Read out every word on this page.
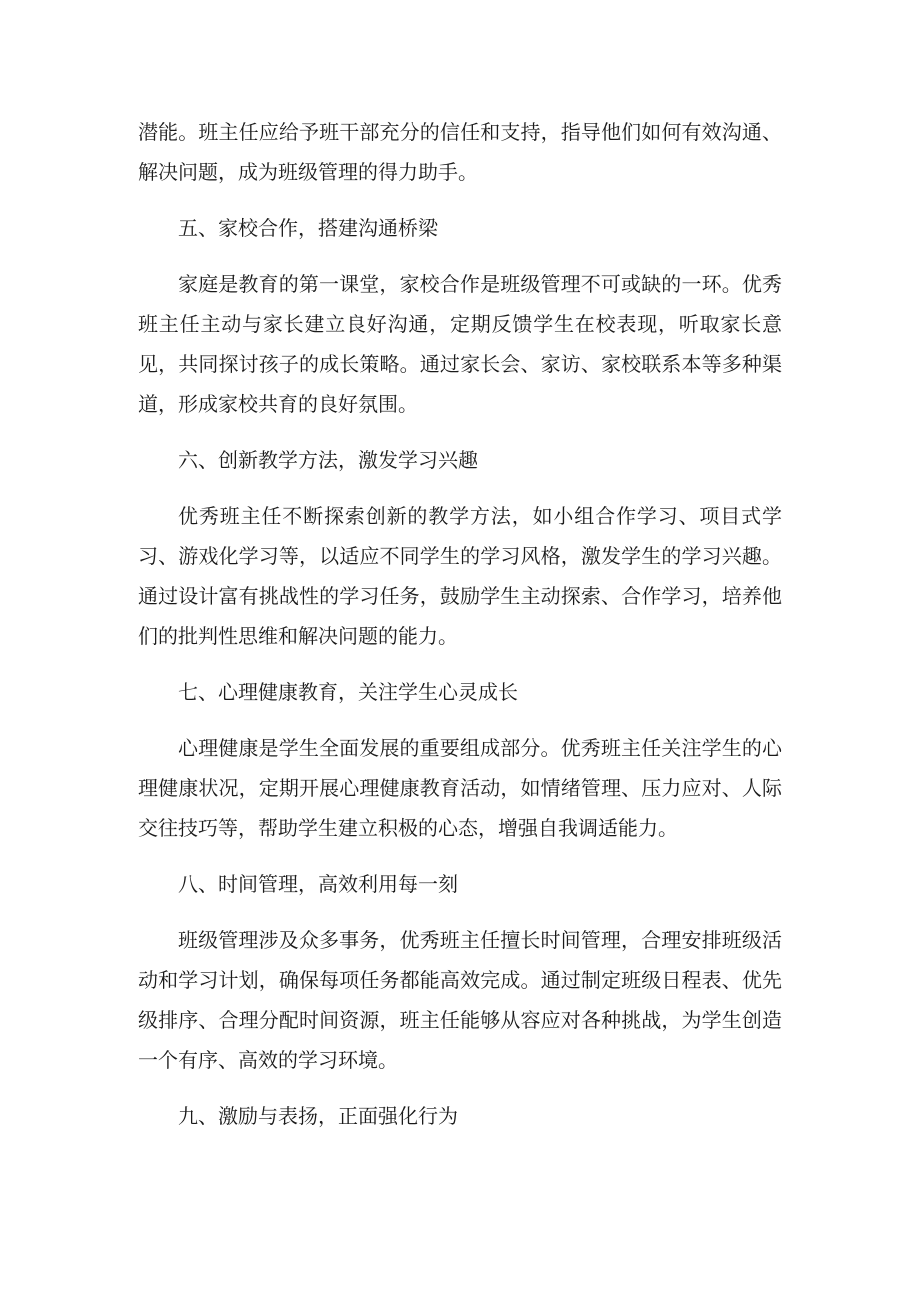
潜能。班主任应给予班干部充分的信任和支持，指导他们如何有效沟通、解决问题，成为班级管理的得力助手。

五、家校合作，搭建沟通桥梁

家庭是教育的第一课堂，家校合作是班级管理不可或缺的一环。优秀班主任主动与家长建立良好沟通，定期反馈学生在校表现，听取家长意见，共同探讨孩子的成长策略。通过家长会、家访、家校联系本等多种渠道，形成家校共育的良好氛围。

六、创新教学方法，激发学习兴趣

优秀班主任不断探索创新的教学方法，如小组合作学习、项目式学习、游戏化学习等，以适应不同学生的学习风格，激发学生的学习兴趣。通过设计富有挑战性的学习任务，鼓励学生主动探索、合作学习，培养他们的批判性思维和解决问题的能力。

七、心理健康教育，关注学生心灵成长

心理健康是学生全面发展的重要组成部分。优秀班主任关注学生的心理健康状况，定期开展心理健康教育活动，如情绪管理、压力应对、人际交往技巧等，帮助学生建立积极的心态，增强自我调适能力。

八、时间管理，高效利用每一刻

班级管理涉及众多事务，优秀班主任擅长时间管理，合理安排班级活动和学习计划，确保每项任务都能高效完成。通过制定班级日程表、优先级排序、合理分配时间资源，班主任能够从容应对各种挑战，为学生创造一个有序、高效的学习环境。

九、激励与表扬，正面强化行为
